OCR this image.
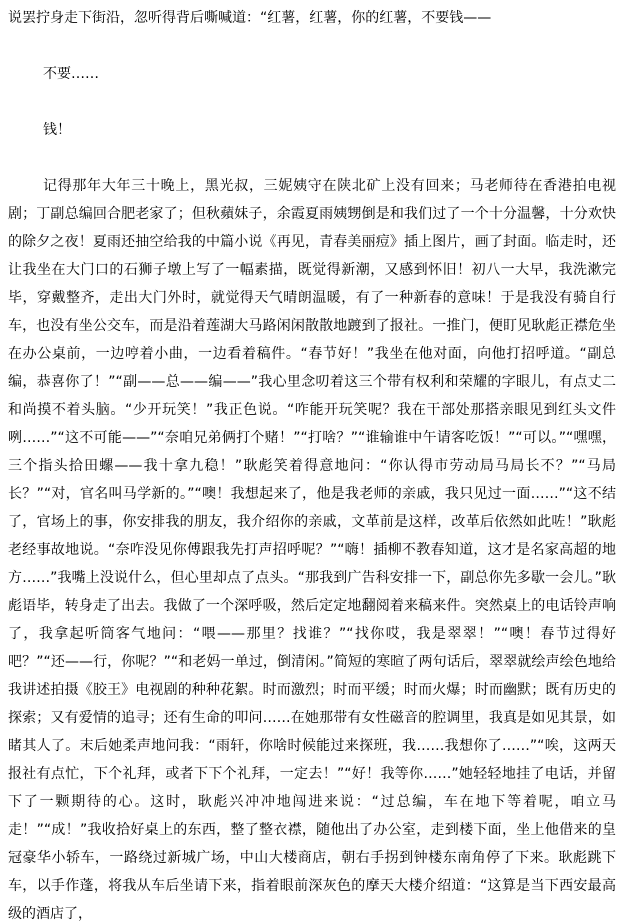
说罢拧身走下街沿，忽听得背后嘶喊道：“红薯，红薯，你的红薯，不要钱——

不要……

钱！

记得那年大年三十晚上，黑光叔，三妮姨守在陕北矿上没有回来；马老师待在香港拍电视剧；丁副总编回合肥老家了；但秋蘋妹子，余霞夏雨姨甥倒是和我们过了一个十分温馨，十分欢快的除夕之夜！夏雨还抽空给我的中篇小说《再见，青春美丽痘》插上图片，画了封面。临走时，还让我坐在大门口的石狮子墩上写了一幅素描，既觉得新潮，又感到怀旧！初八一大早，我洗漱完毕，穿戴整齐，走出大门外时，就觉得天气晴朗温暖，有了一种新春的意味！于是我没有骑自行车，也没有坐公交车，而是沿着莲湖大马路闲闲散散地踱到了报社。一推门，便盯见耿彪正襟危坐在办公桌前，一边哼着小曲，一边看着稿件。“春节好！”我坐在他对面，向他打招呼道。“副总编，恭喜你了！”“副——总——编——”我心里念叨着这三个带有权利和荣耀的字眼儿，有点丈二和尚摸不着头脑。“少开玩笑！”我正色说。“咋能开玩笑呢？我在干部处那搭亲眼见到红头文件咧……”“这不可能——”“奈咱兄弟俩打个赌！”“打啥？”“谁输谁中午请客吃饭！”“可以。”“嘿嘿，三个指头拾田螺——我十拿九稳！”耿彪笑着得意地问：“你认得市劳动局马局长不？”“马局长？”“对，官名叫马学新的。”“噢！我想起来了，他是我老师的亲戚，我只见过一面……”“这不结了，官场上的事，你安排我的朋友，我介绍你的亲戚，文革前是这样，改革后依然如此咗！”耿彪老经事故地说。“奈咋没见你傅跟我先打声招呼呢？”“嗨！插柳不教春知道，这才是名家高超的地方……”我嘴上没说什么，但心里却点了点头。“那我到广告科安排一下，副总你先多歇一会儿。”耿彪语毕，转身走了出去。我做了一个深呼吸，然后定定地翻阅着来稿来件。突然桌上的电话铃声响了，我拿起听筒客气地问：“喂——那里？找谁？”“找你哎，我是翠翠！”“噢！春节过得好吧？”“还——行，你呢？”“和老妈一单过，倒清闲。”简短的寒暄了两句话后，翠翠就绘声绘色地给我讲述拍摄《胶王》电视剧的种种花絮。时而激烈；时而平缓；时而火爆；时而幽默；既有历史的探索；又有爱情的追寻；还有生命的叩问……在她那带有女性磁音的腔调里，我真是如见其景，如睹其人了。末后她柔声地问我：“雨轩，你啥时候能过来探班，我……我想你了……”“唉，这两天报社有点忙，下个礼拜，或者下下个礼拜，一定去！”“好！我等你……”她轻轻地挂了电话，并留下了一颗期待的心。这时，耿彪兴冲冲地闯进来说：“过总编，车在地下等着呢，咱立马走！”“成！”我收拾好桌上的东西，整了整衣襟，随他出了办公室，走到楼下面，坐上他借来的皇冠豪华小轿车，一路绕过新城广场，中山大楼商店，朝右手拐到钟楼东南角停了下来。耿彪跳下车，以手作蓬，将我从车后坐请下来，指着眼前深灰色的摩天大楼介绍道：“这算是当下西安最高级的酒店了，
